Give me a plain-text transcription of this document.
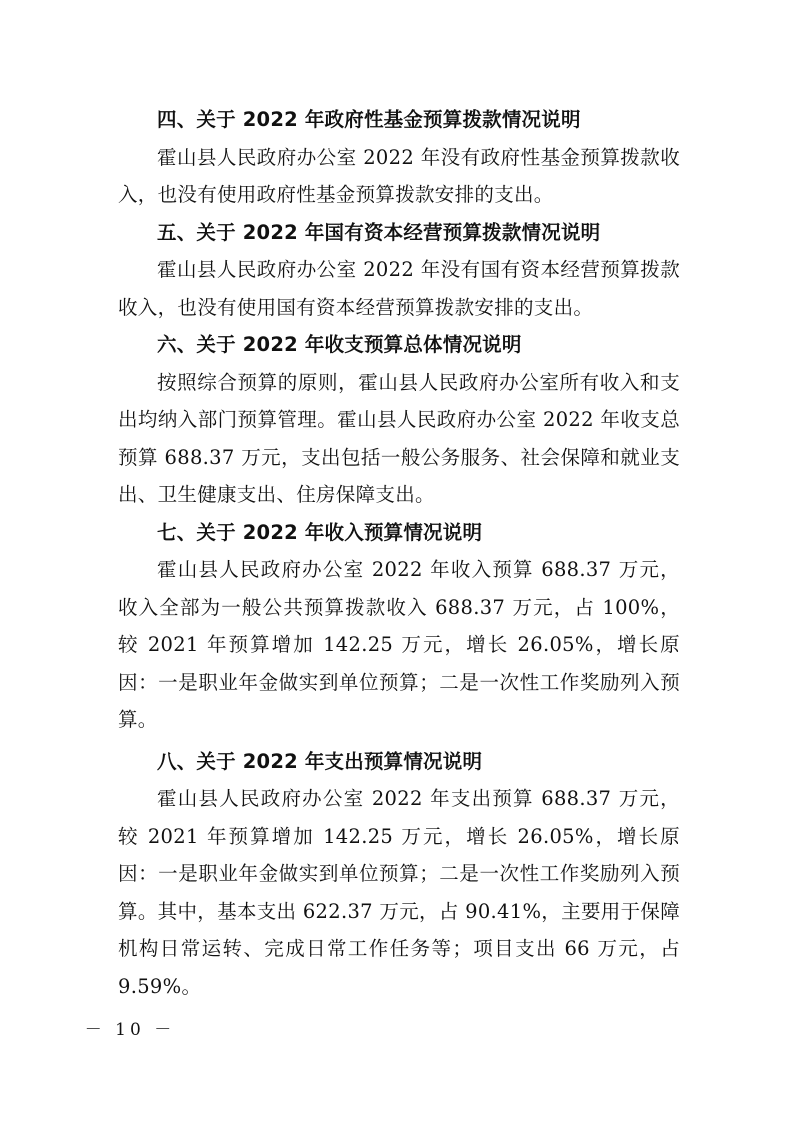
四、关于 2022 年政府性基金预算拨款情况说明

霍山县人民政府办公室 2022 年没有政府性基金预算拨款收入，也没有使用政府性基金预算拨款安排的支出。

五、关于 2022 年国有资本经营预算拨款情况说明

霍山县人民政府办公室 2022 年没有国有资本经营预算拨款收入，也没有使用国有资本经营预算拨款安排的支出。

六、关于 2022 年收支预算总体情况说明

按照综合预算的原则，霍山县人民政府办公室所有收入和支出均纳入部门预算管理。霍山县人民政府办公室 2022 年收支总预算 688.37 万元，支出包括一般公务服务、社会保障和就业支出、卫生健康支出、住房保障支出。

七、关于 2022 年收入预算情况说明

霍山县人民政府办公室 2022 年收入预算 688.37 万元，收入全部为一般公共预算拨款收入 688.37 万元，占 100%，较 2021 年预算增加 142.25 万元，增长 26.05%，增长原因：一是职业年金做实到单位预算；二是一次性工作奖励列入预算。

八、关于 2022 年支出预算情况说明

霍山县人民政府办公室 2022 年支出预算 688.37 万元，较 2021 年预算增加 142.25 万元，增长 26.05%，增长原因：一是职业年金做实到单位预算；二是一次性工作奖励列入预算。其中，基本支出 622.37 万元，占 90.41%，主要用于保障机构日常运转、完成日常工作任务等；项目支出 66 万元，占 9.59%。

－ 10 －
